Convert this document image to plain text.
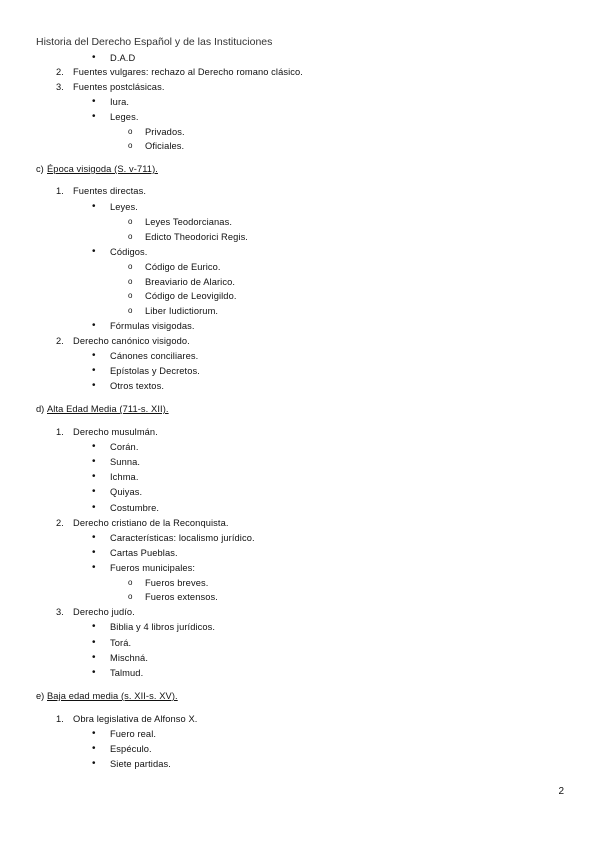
Historia del Derecho Español y de las Instituciones
• D.A.D
2. Fuentes vulgares: rechazo al Derecho romano clásico.
3. Fuentes postclásicas.
• Iura.
• Leges.
o Privados.
o Oficiales.
c) Época visigoda (S. v-711).
1. Fuentes directas.
• Leyes.
o Leyes Teodorcianas.
o Edicto Theodorici Regis.
• Códigos.
o Código de Eurico.
o Breaviario de Alarico.
o Código de Leovigildo.
o Liber Iudictiorum.
• Fórmulas visigodas.
2. Derecho canónico visigodo.
• Cánones conciliares.
• Epístolas y Decretos.
• Otros textos.
d) Alta Edad Media (711-s. XII).
1. Derecho musulmán.
• Corán.
• Sunna.
• Ichma.
• Quiyas.
• Costumbre.
2. Derecho cristiano de la Reconquista.
• Características: localismo jurídico.
• Cartas Pueblas.
• Fueros municipales:
o Fueros breves.
o Fueros extensos.
3. Derecho judío.
• Biblia y 4 libros jurídicos.
• Torá.
• Mischná.
• Talmud.
e) Baja edad media (s. XII-s. XV).
1. Obra legislativa de Alfonso X.
• Fuero real.
• Espéculo.
• Siete partidas.
2
